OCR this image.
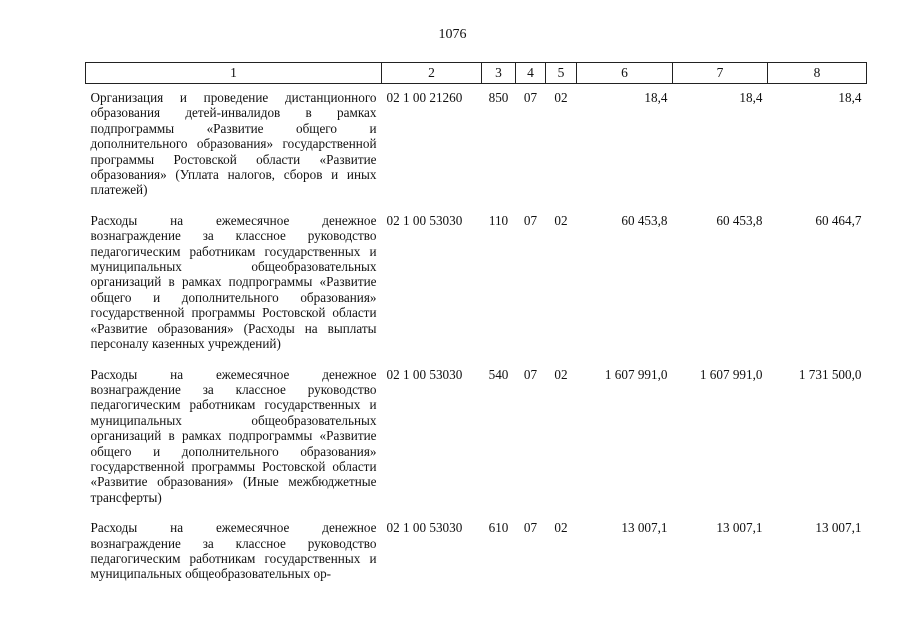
1076
1	2	3	4	5	6	7	8
Организация и проведение дистанционного образования детей-инвалидов в рамках подпрограммы «Развитие общего и дополнительного образования» государственной программы Ростовской области «Развитие образования» (Уплата налогов, сборов и иных платежей)	02 1 00 21260	850	07	02	18,4	18,4	18,4
Расходы на ежемесячное денежное вознаграждение за классное руководство педагогическим работникам государственных и муниципальных общеобразовательных организаций в рамках подпрограммы «Развитие общего и дополнительного образования» государственной программы Ростовской области «Развитие образования» (Расходы на выплаты персоналу казенных учреждений)	02 1 00 53030	110	07	02	60 453,8	60 453,8	60 464,7
Расходы на ежемесячное денежное вознаграждение за классное руководство педагогическим работникам государственных и муниципальных общеобразовательных организаций в рамках подпрограммы «Развитие общего и дополнительного образования» государственной программы Ростовской области «Развитие образования» (Иные межбюджетные трансферты)	02 1 00 53030	540	07	02	1 607 991,0	1 607 991,0	1 731 500,0
Расходы на ежемесячное денежное вознаграждение за классное руководство педагогическим работникам государственных и муниципальных общеобразовательных ор-	02 1 00 53030	610	07	02	13 007,1	13 007,1	13 007,1
